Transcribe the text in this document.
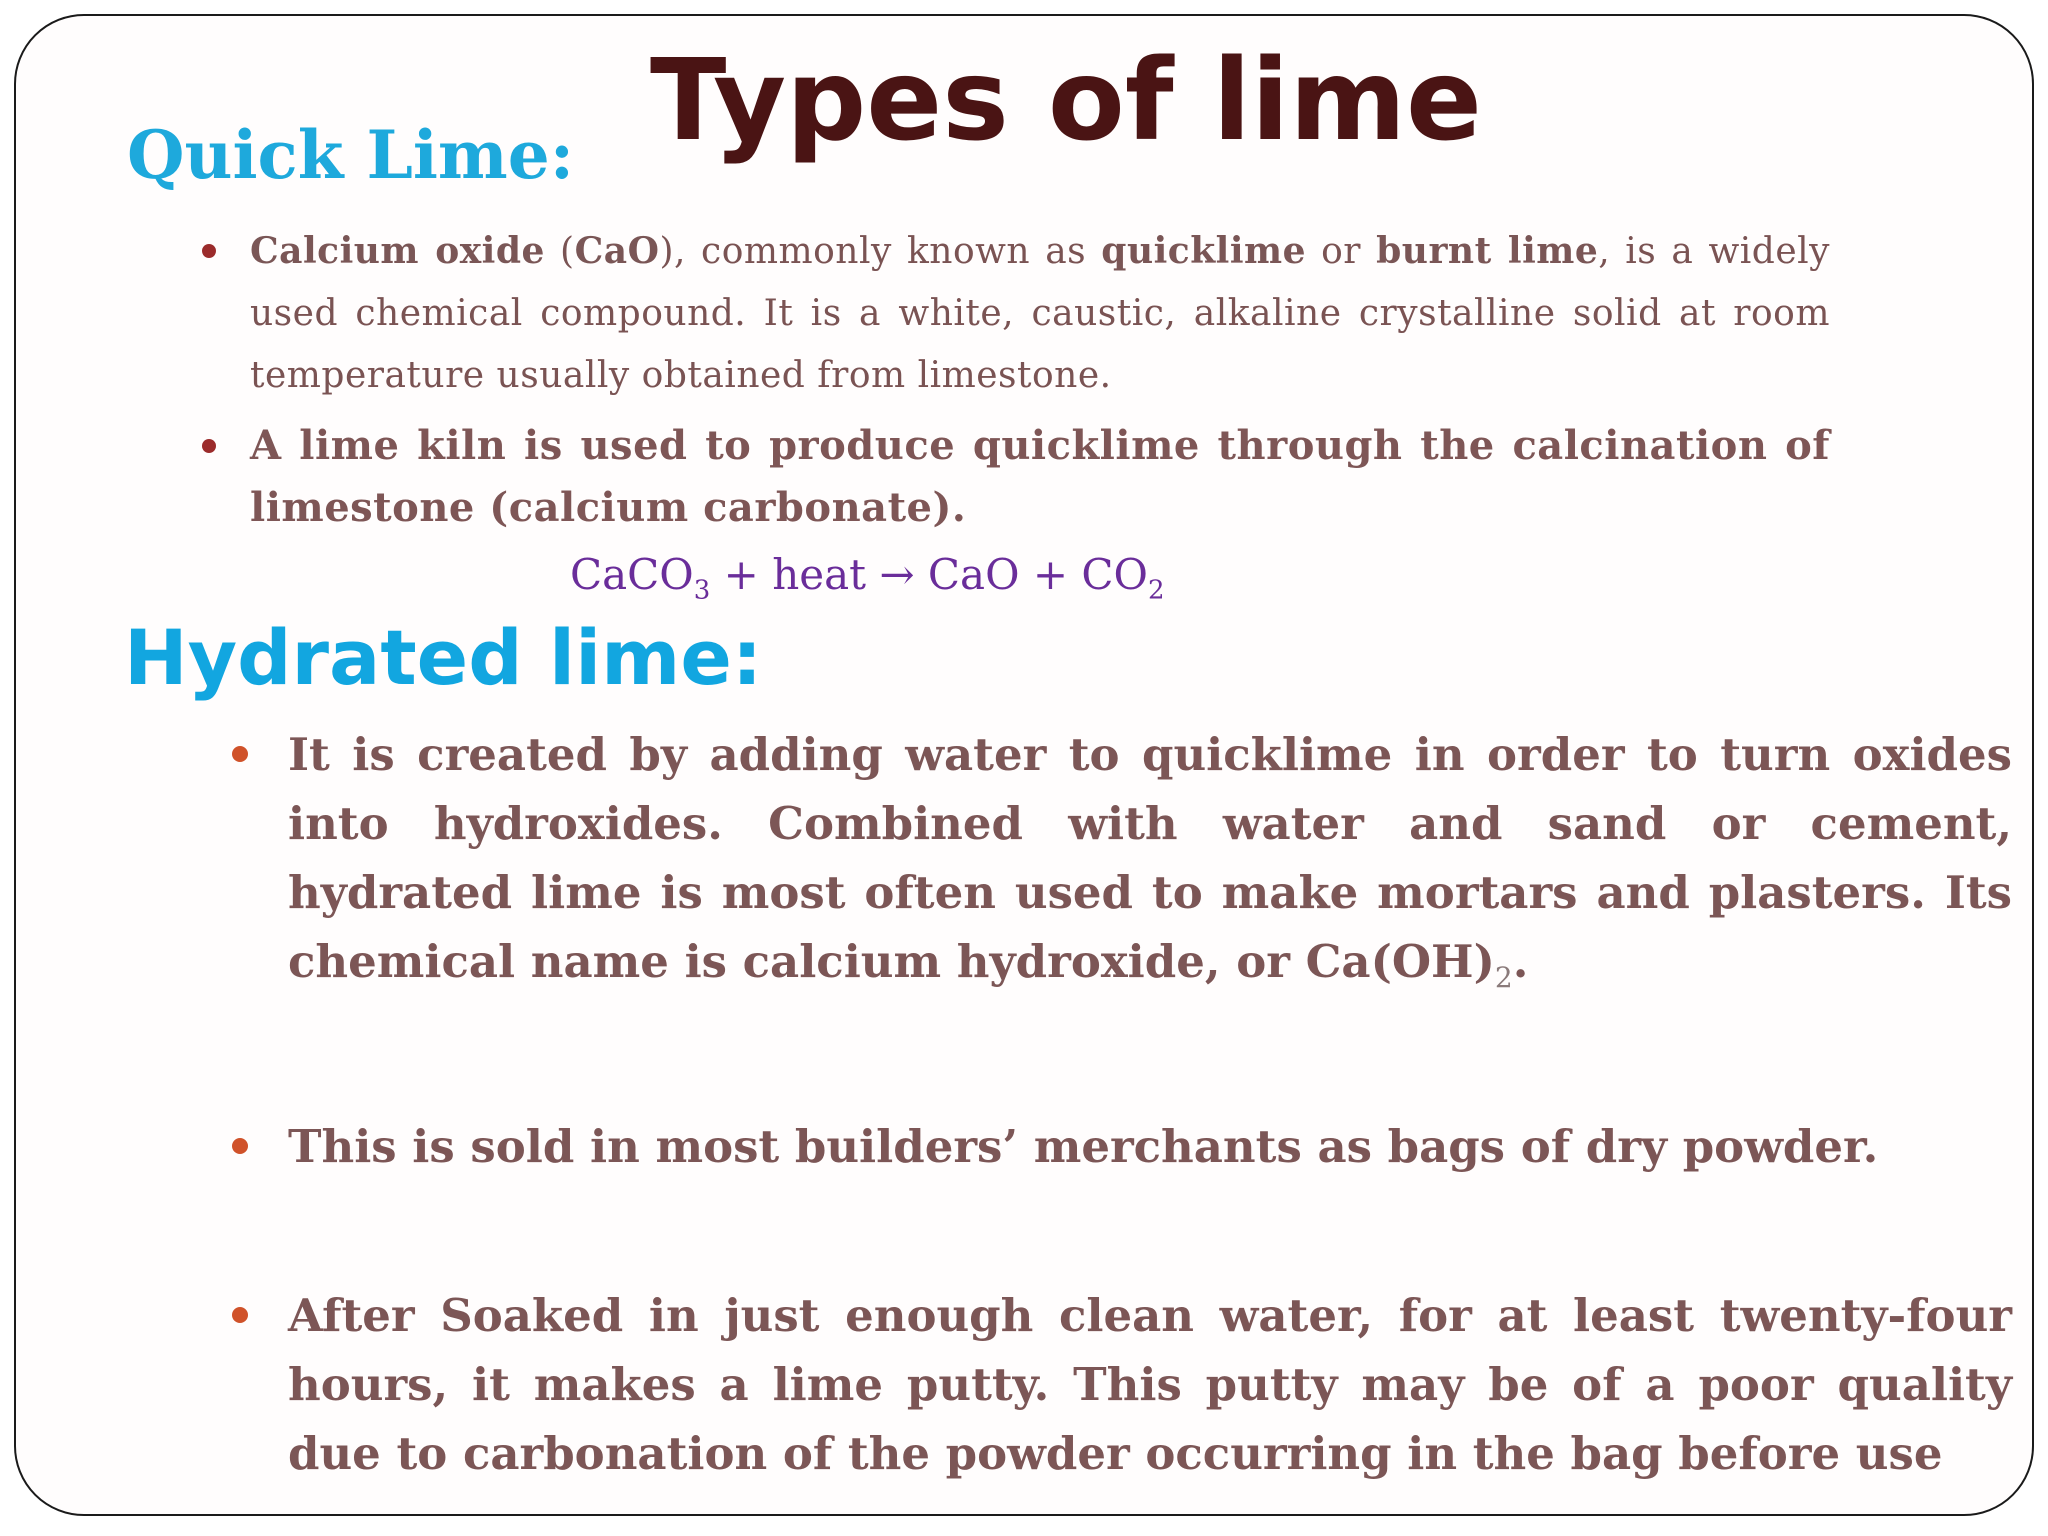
Types of lime
Quick Lime:
Calcium oxide (CaO), commonly known as quicklime or burnt lime, is a widely used chemical compound. It is a white, caustic, alkaline crystalline solid at room temperature usually obtained from limestone.
A lime kiln is used to produce quicklime through the calcination of limestone (calcium carbonate).
CaCO$_3$ + heat → CaO + $CO_2$
Hydrated lime:
It is created by adding water to quicklime in order to turn oxides into hydroxides. Combined with water and sand or cement, hydrated lime is most often used to make mortars and plasters. Its chemical name is calcium hydroxide, or $Ca(OH)_2$.
This is sold in most builders’ merchants as bags of dry powder.
After Soaked in just enough clean water, for at least twenty-four hours, it makes a lime putty. This putty may be of a poor quality due to carbonation of the powder occurring in the bag before use
